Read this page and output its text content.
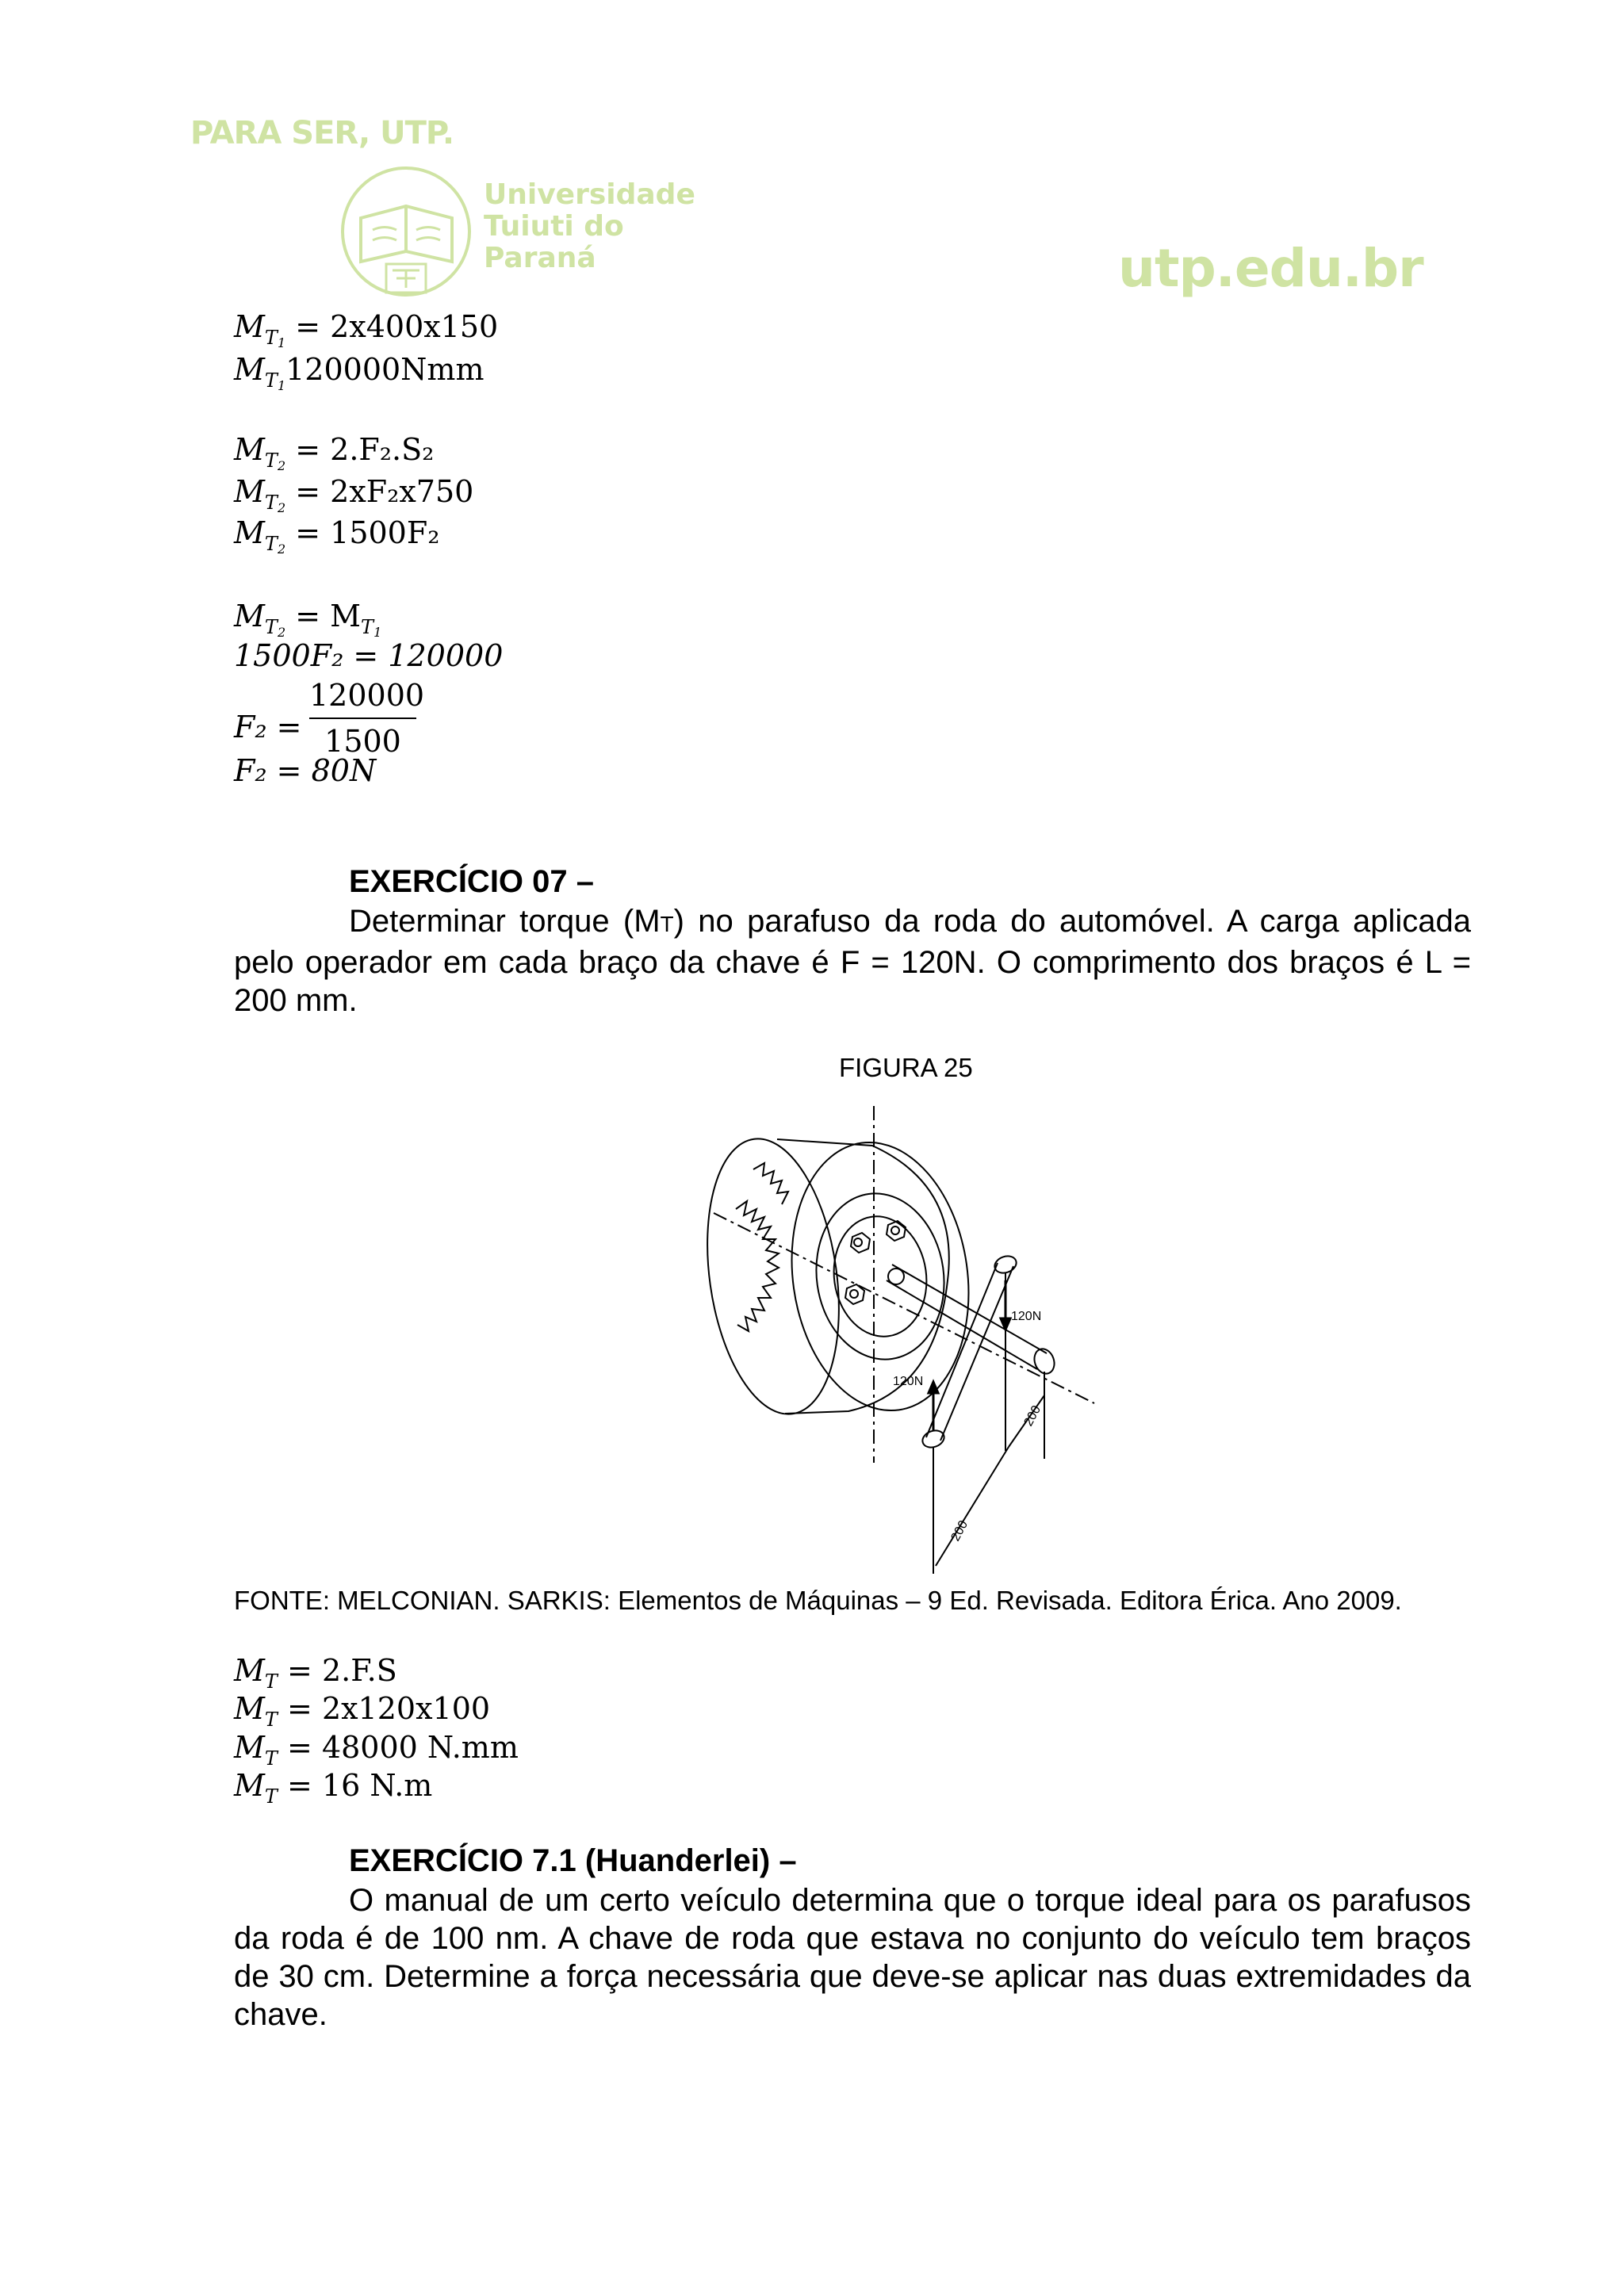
PARA SER, UTP.
Universidade
Tuiuti do
Paraná	utp.edu.br
$M_{T_1} = 2x400x150$
$M_{T_1}120000Nmm$
$M_{T_2} = 2.F_2.S_2$
$M_{T_2} = 2xF_2x750$
$M_{T_2} = 1500F_2$
$M_{T_2} = M_{T_1}$
1500F₂ = 120000
F₂ =
120000
1500
F₂ = 80N
EXERCÍCIO 07 –
Determinar torque (MT) no parafuso da roda do automóvel. A carga aplicada pelo operador em cada braço da chave é F = 120N. O comprimento dos braços é L = 200 mm.
FIGURA 25
120N
120N
200
200
FONTE: MELCONIAN. SARKIS: Elementos de Máquinas – 9 Ed. Revisada. Editora Érica. Ano 2009.
$M_T = 2.F.S$
$M_T = 2x120x100$
$M_T = 48000$ N.mm
$M_T = 16$ N.m
EXERCÍCIO 7.1 (Huanderlei) –
O manual de um certo veículo determina que o torque ideal para os parafusos da roda é de 100 nm. A chave de roda que estava no conjunto do veículo tem braços de 30 cm. Determine a força necessária que deve-se aplicar nas duas extremidades da chave.
